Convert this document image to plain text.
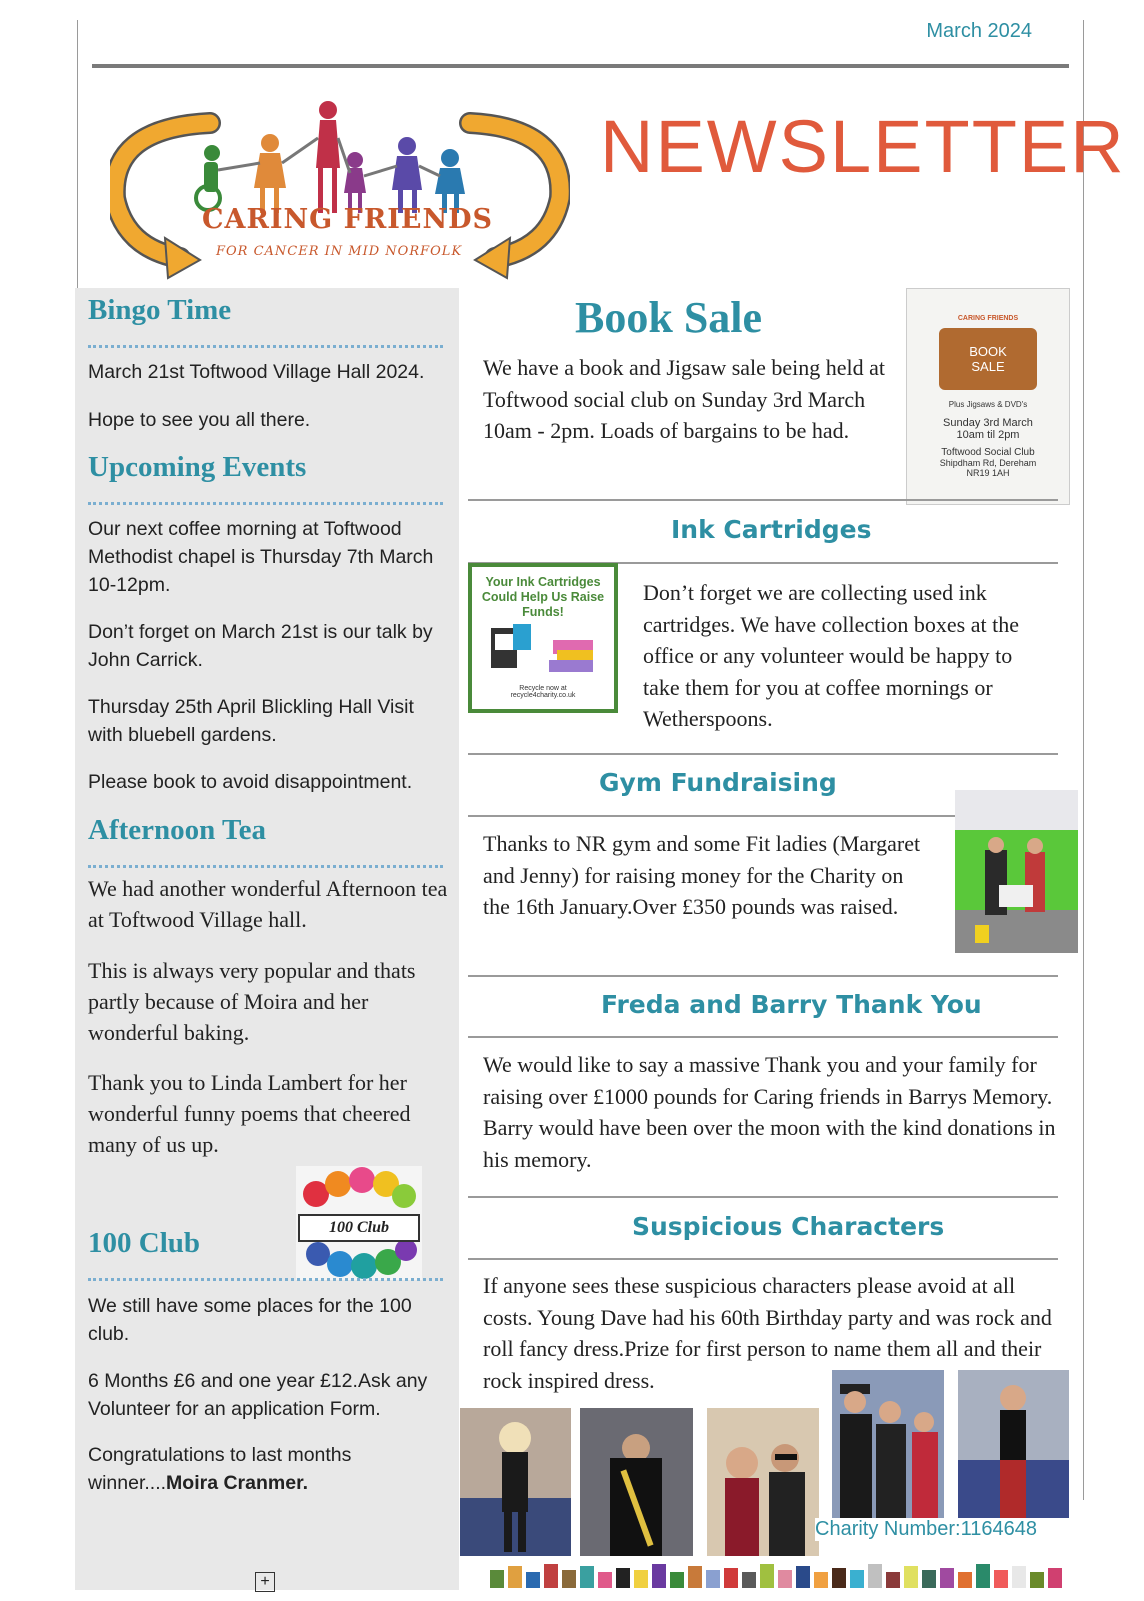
March 2024
NEWSLETTER
CARING FRIENDS
FOR CANCER IN MID NORFOLK
Bingo Time
March 21st Toftwood Village Hall 2024.
Hope to see you all there.
Upcoming Events
Our next coffee morning at Toftwood Methodist chapel is Thursday 7th March 10-12pm.
Don’t forget on March 21st is our talk by John Carrick.
Thursday 25th April Blickling Hall Visit with bluebell gardens.
Please book to avoid disappointment.
Afternoon Tea
We had another wonderful Afternoon tea at Toftwood Village hall.
This is always very popular and thats partly because of Moira and her wonderful baking.
Thank you to Linda Lambert for her wonderful funny poems that cheered many of us up.
100 Club
100 Club
We still have some places for the 100 club.
6 Months £6 and one year £12.Ask any Volunteer for an application Form.
Congratulations to last months winner....Moira Cranmer.
+
Book Sale
We have a book and Jigsaw sale being held at Toftwood social club on Sunday 3rd March 10am - 2pm. Loads of bargains to be had.
CARING FRIENDS
BOOK
SALE
Plus Jigsaws & DVD's
Sunday 3rd March
10am til 2pm
Toftwood Social Club
Shipdham Rd, Dereham
NR19 1AH
Ink Cartridges
Your Ink Cartridges Could Help Us Raise Funds!
Recycle now at
recycle4charity.co.uk
Don’t forget we are collecting used ink cartridges. We have collection boxes at the office or any volunteer would be happy to take them for you at coffee mornings or Wetherspoons.
Gym Fundraising
Thanks to NR gym and some Fit ladies (Margaret and Jenny) for raising money for the Charity on the 16th January.Over £350 pounds was raised.
Freda and Barry Thank You
We would like to say a massive Thank you and your family for raising over £1000 pounds for Caring friends in Barrys Memory. Barry would have been over the moon with the kind donations in his memory.
Suspicious Characters
If anyone sees these suspicious characters please avoid at all costs. Young Dave had his 60th Birthday party and was rock and roll fancy dress.Prize for first person to name them all and their rock inspired dress.
Charity Number:1164648
